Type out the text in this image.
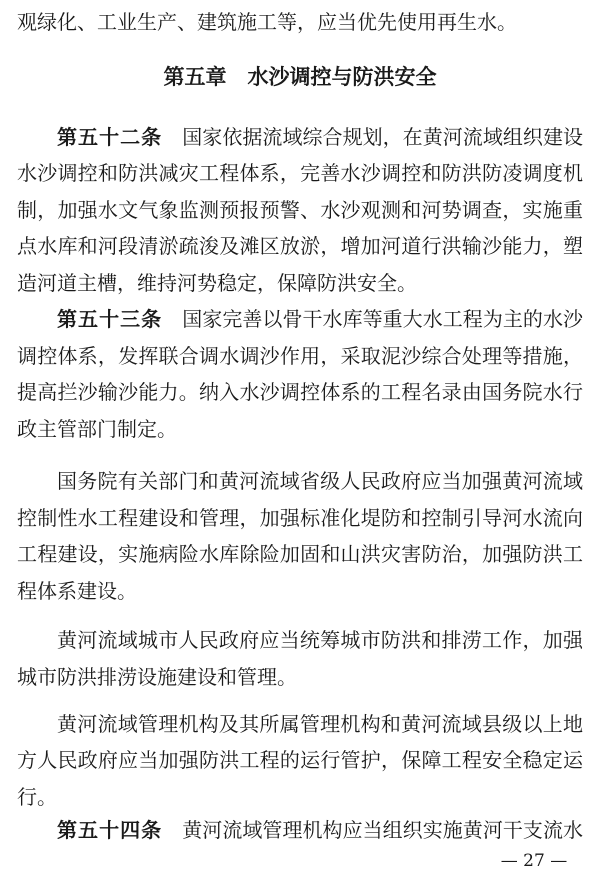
观绿化、工业生产、建筑施工等，应当优先使用再生水。
第五章　水沙调控与防洪安全
第五十二条 国家依据流域综合规划，在黄河流域组织建设
水沙调控和防洪减灾工程体系，完善水沙调控和防洪防凌调度机
制，加强水文气象监测预报预警、水沙观测和河势调查，实施重
点水库和河段清淤疏浚及滩区放淤，增加河道行洪输沙能力，塑
造河道主槽，维持河势稳定，保障防洪安全。
第五十三条 国家完善以骨干水库等重大水工程为主的水沙
调控体系，发挥联合调水调沙作用，采取泥沙综合处理等措施，
提高拦沙输沙能力。纳入水沙调控体系的工程名录由国务院水行
政主管部门制定。
国务院有关部门和黄河流域省级人民政府应当加强黄河流域
控制性水工程建设和管理，加强标准化堤防和控制引导河水流向
工程建设，实施病险水库除险加固和山洪灾害防治，加强防洪工
程体系建设。
黄河流域城市人民政府应当统筹城市防洪和排涝工作，加强
城市防洪排涝设施建设和管理。
黄河流域管理机构及其所属管理机构和黄河流域县级以上地
方人民政府应当加强防洪工程的运行管护，保障工程安全稳定运
行。
第五十四条 黄河流域管理机构应当组织实施黄河干支流水
— 27 —
